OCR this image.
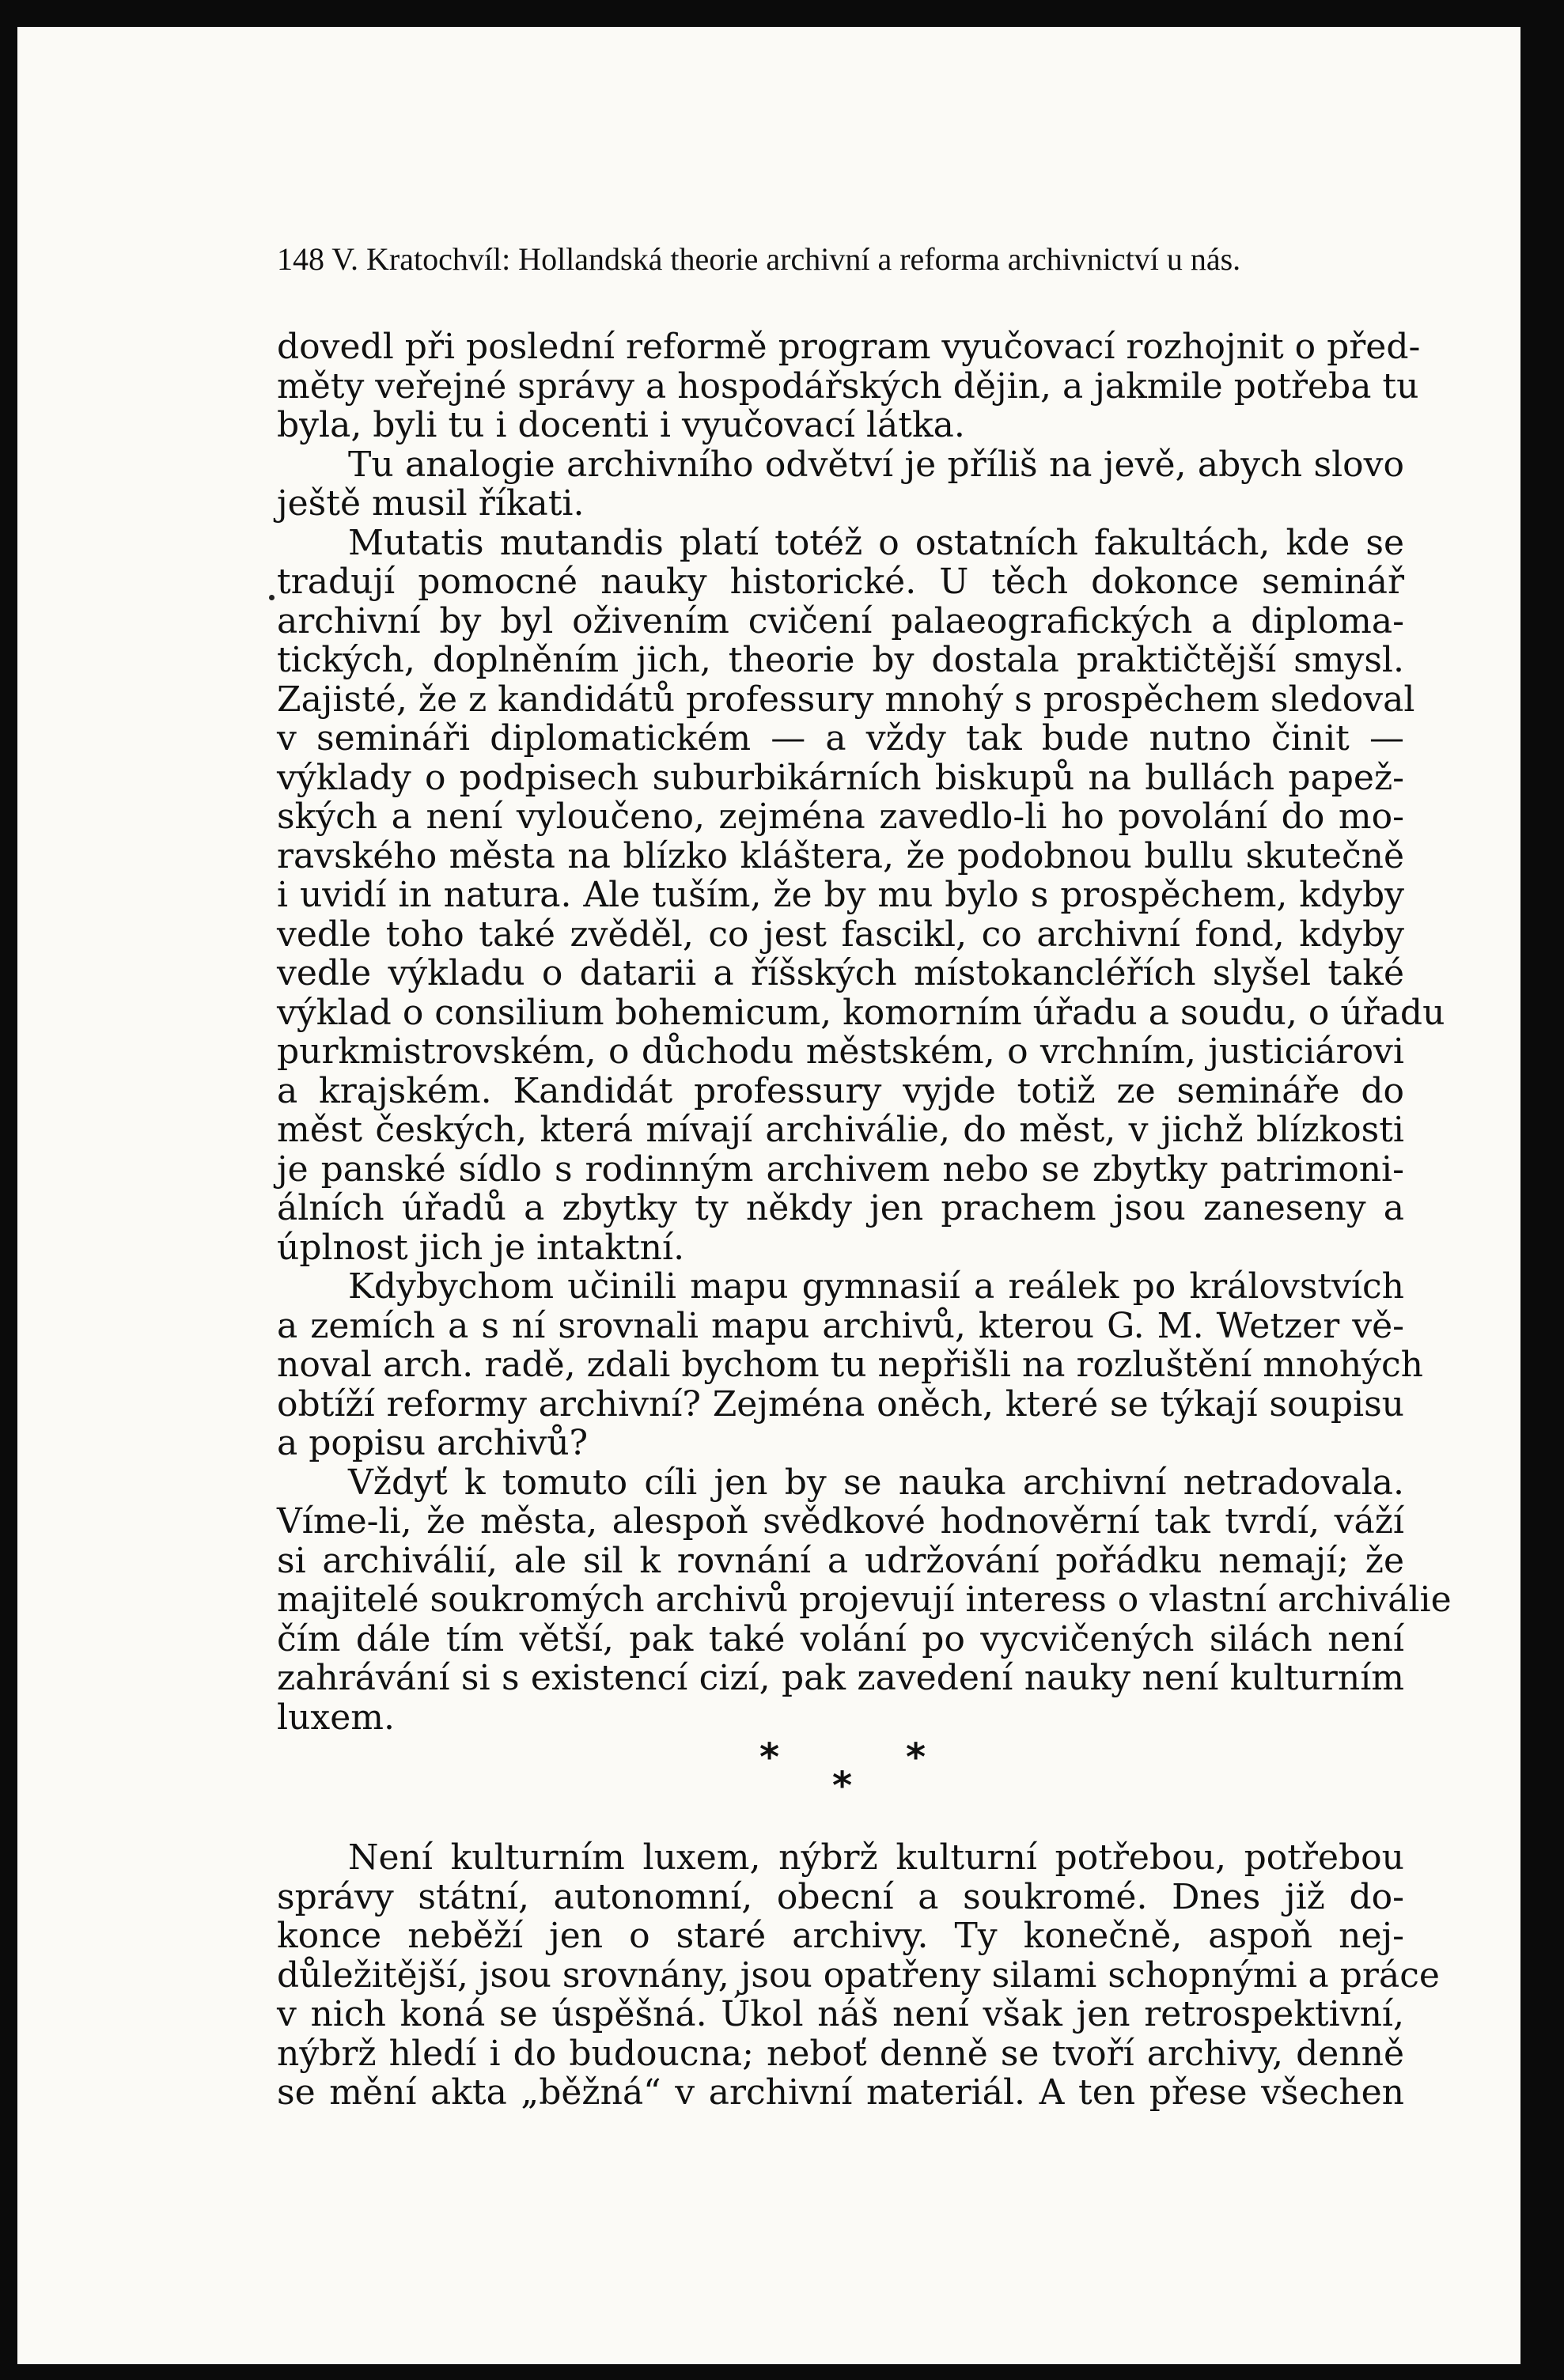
148 V. Kratochvíl: Hollandská theorie archivní a reforma archivnictví u nás.
dovedl při poslední reformě program vyučovací rozhojnit o před-
měty veřejné správy a hospodářských dějin, a jakmile potřeba tu
byla, byli tu i docenti i vyučovací látka.
Tu analogie archivního odvětví je příliš na jevě, abych slovo
ještě musil říkati.
Mutatis mutandis platí totéž o ostatních fakultách, kde se
tradují pomocné nauky historické. U těch dokonce seminář
archivní by byl oživením cvičení palaeografických a diploma-
tických, doplněním jich, theorie by dostala praktičtější smysl.
Zajisté, že z kandidátů professury mnohý s prospěchem sledoval
v semináři diplomatickém — a vždy tak bude nutno činit —
výklady o podpisech suburbikárních biskupů na bullách papež-
ských a není vyloučeno, zejména zavedlo-li ho povolání do mo-
ravského města na blízko kláštera, že podobnou bullu skutečně
i uvidí in natura. Ale tuším, že by mu bylo s prospěchem, kdyby
vedle toho také zvěděl, co jest fascikl, co archivní fond, kdyby
vedle výkladu o datarii a říšských místokancléřích slyšel také
výklad o consilium bohemicum, komorním úřadu a soudu, o úřadu
purkmistrovském, o důchodu městském, o vrchním, justiciárovi
a krajském. Kandidát professury vyjde totiž ze semináře do
měst českých, která mívají archiválie, do měst, v jichž blízkosti
je panské sídlo s rodinným archivem nebo se zbytky patrimoni-
álních úřadů a zbytky ty někdy jen prachem jsou zaneseny a
úplnost jich je intaktní.
Kdybychom učinili mapu gymnasií a reálek po královstvích
a zemích a s ní srovnali mapu archivů, kterou G. M. Wetzer vě-
noval arch. radě, zdali bychom tu nepřišli na rozluštění mnohých
obtíží reformy archivní? Zejména oněch, které se týkají soupisu
a popisu archivů?
Vždyť k tomuto cíli jen by se nauka archivní netradovala.
Víme-li, že města, alespoň svědkové hodnověrní tak tvrdí, váží
si archiválií, ale sil k rovnání a udržování pořádku nemají; že
majitelé soukromých archivů projevují interess o vlastní archiválie
čím dále tím větší, pak také volání po vycvičených silách není
zahrávání si s existencí cizí, pak zavedení nauky není kulturním
luxem.
*	*
*
Není kulturním luxem, nýbrž kulturní potřebou, potřebou
správy státní, autonomní, obecní a soukromé. Dnes již do-
konce neběží jen o staré archivy. Ty konečně, aspoň nej-
důležitější, jsou srovnány, jsou opatřeny silami schopnými a práce
v nich koná se úspěšná. Úkol náš není však jen retrospektivní,
nýbrž hledí i do budoucna; neboť denně se tvoří archivy, denně
se mění akta „běžná“ v archivní materiál. A ten přese všechen
